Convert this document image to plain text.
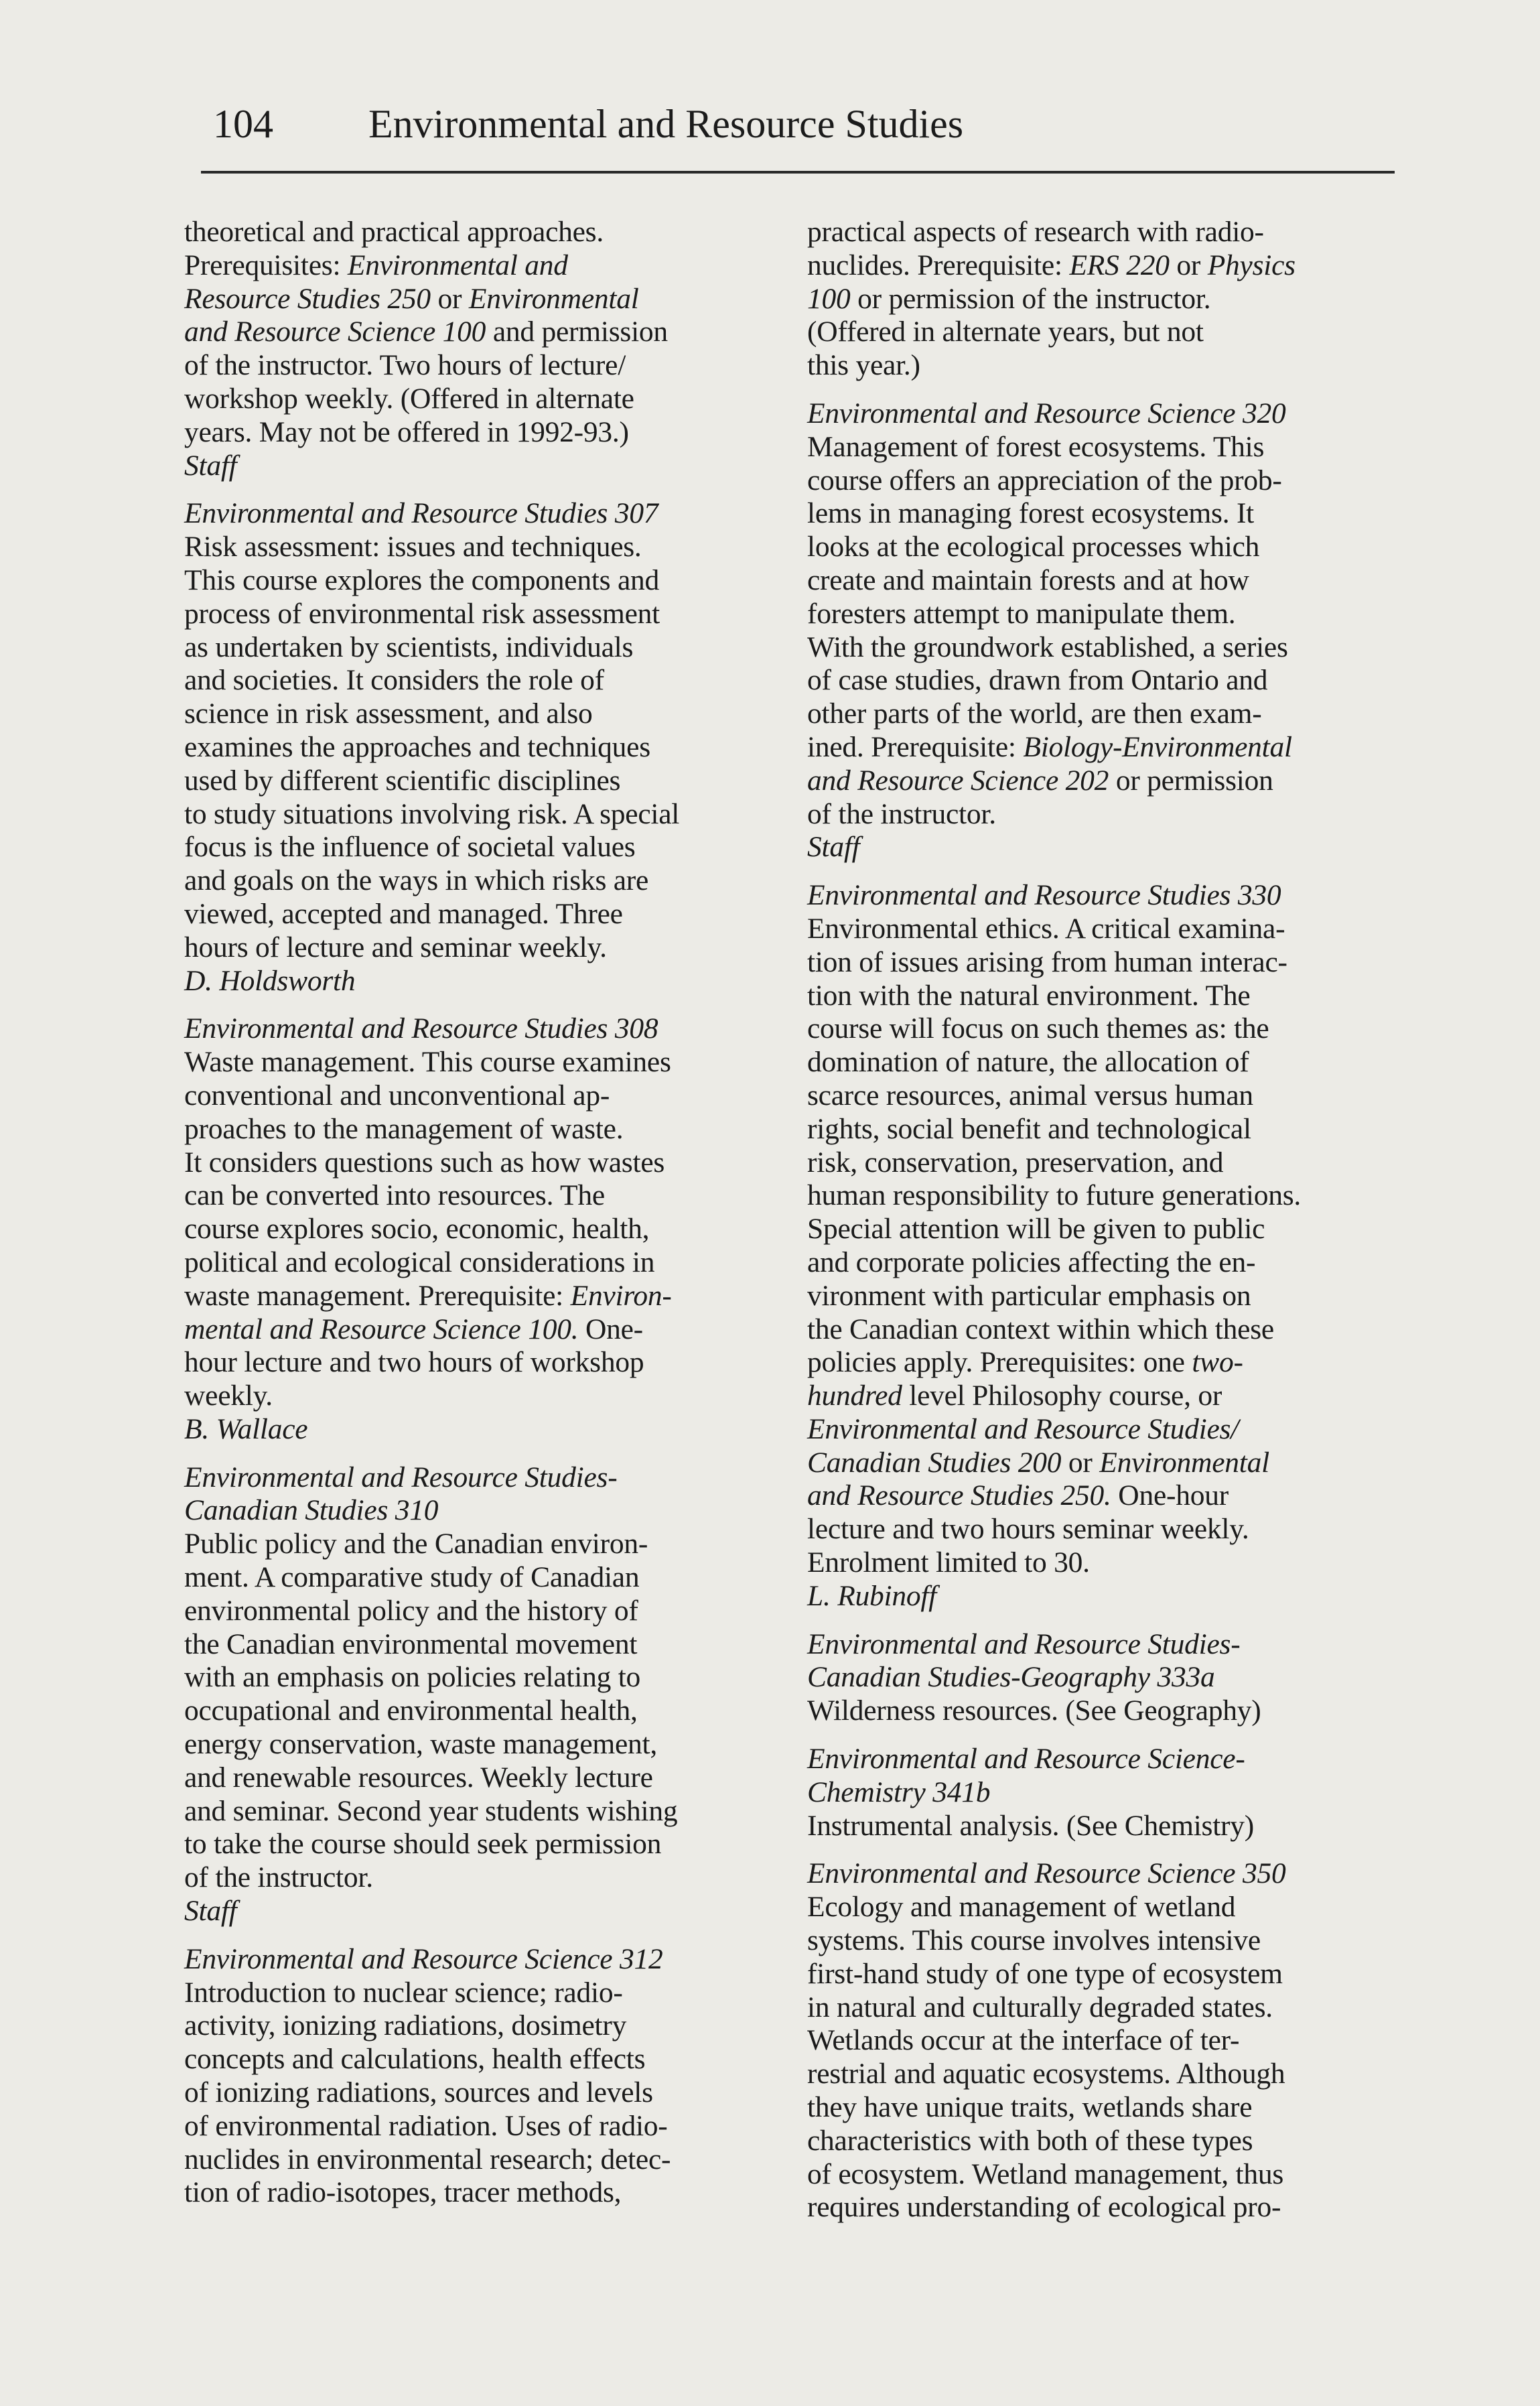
104 Environmental and Resource Studies
theoretical and practical approaches.
Prerequisites: Environmental and
Resource Studies 250 or Environmental
and Resource Science 100 and permission
of the instructor. Two hours of lecture/
workshop weekly. (Offered in alternate
years. May not be offered in 1992-93.)
Staff
Environmental and Resource Studies 307
Risk assessment: issues and techniques.
This course explores the components and
process of environmental risk assessment
as undertaken by scientists, individuals
and societies. It considers the role of
science in risk assessment, and also
examines the approaches and techniques
used by different scientific disciplines
to study situations involving risk. A special
focus is the influence of societal values
and goals on the ways in which risks are
viewed, accepted and managed. Three
hours of lecture and seminar weekly.
D. Holdsworth
Environmental and Resource Studies 308
Waste management. This course examines
conventional and unconventional ap-
proaches to the management of waste.
It considers questions such as how wastes
can be converted into resources. The
course explores socio, economic, health,
political and ecological considerations in
waste management. Prerequisite: Environ-
mental and Resource Science 100. One-
hour lecture and two hours of workshop
weekly.
B. Wallace
Environmental and Resource Studies-
Canadian Studies 310
Public policy and the Canadian environ-
ment. A comparative study of Canadian
environmental policy and the history of
the Canadian environmental movement
with an emphasis on policies relating to
occupational and environmental health,
energy conservation, waste management,
and renewable resources. Weekly lecture
and seminar. Second year students wishing
to take the course should seek permission
of the instructor.
Staff
Environmental and Resource Science 312
Introduction to nuclear science; radio-
activity, ionizing radiations, dosimetry
concepts and calculations, health effects
of ionizing radiations, sources and levels
of environmental radiation. Uses of radio-
nuclides in environmental research; detec-
tion of radio-isotopes, tracer methods,
practical aspects of research with radio-
nuclides. Prerequisite: ERS 220 or Physics
100 or permission of the instructor.
(Offered in alternate years, but not
this year.)
Environmental and Resource Science 320
Management of forest ecosystems. This
course offers an appreciation of the prob-
lems in managing forest ecosystems. It
looks at the ecological processes which
create and maintain forests and at how
foresters attempt to manipulate them.
With the groundwork established, a series
of case studies, drawn from Ontario and
other parts of the world, are then exam-
ined. Prerequisite: Biology-Environmental
and Resource Science 202 or permission
of the instructor.
Staff
Environmental and Resource Studies 330
Environmental ethics. A critical examina-
tion of issues arising from human interac-
tion with the natural environment. The
course will focus on such themes as: the
domination of nature, the allocation of
scarce resources, animal versus human
rights, social benefit and technological
risk, conservation, preservation, and
human responsibility to future generations.
Special attention will be given to public
and corporate policies affecting the en-
vironment with particular emphasis on
the Canadian context within which these
policies apply. Prerequisites: one two-
hundred level Philosophy course, or
Environmental and Resource Studies/
Canadian Studies 200 or Environmental
and Resource Studies 250. One-hour
lecture and two hours seminar weekly.
Enrolment limited to 30.
L. Rubinoff
Environmental and Resource Studies-
Canadian Studies-Geography 333a
Wilderness resources. (See Geography)
Environmental and Resource Science-
Chemistry 341b
Instrumental analysis. (See Chemistry)
Environmental and Resource Science 350
Ecology and management of wetland
systems. This course involves intensive
first-hand study of one type of ecosystem
in natural and culturally degraded states.
Wetlands occur at the interface of ter-
restrial and aquatic ecosystems. Although
they have unique traits, wetlands share
characteristics with both of these types
of ecosystem. Wetland management, thus
requires understanding of ecological pro-
